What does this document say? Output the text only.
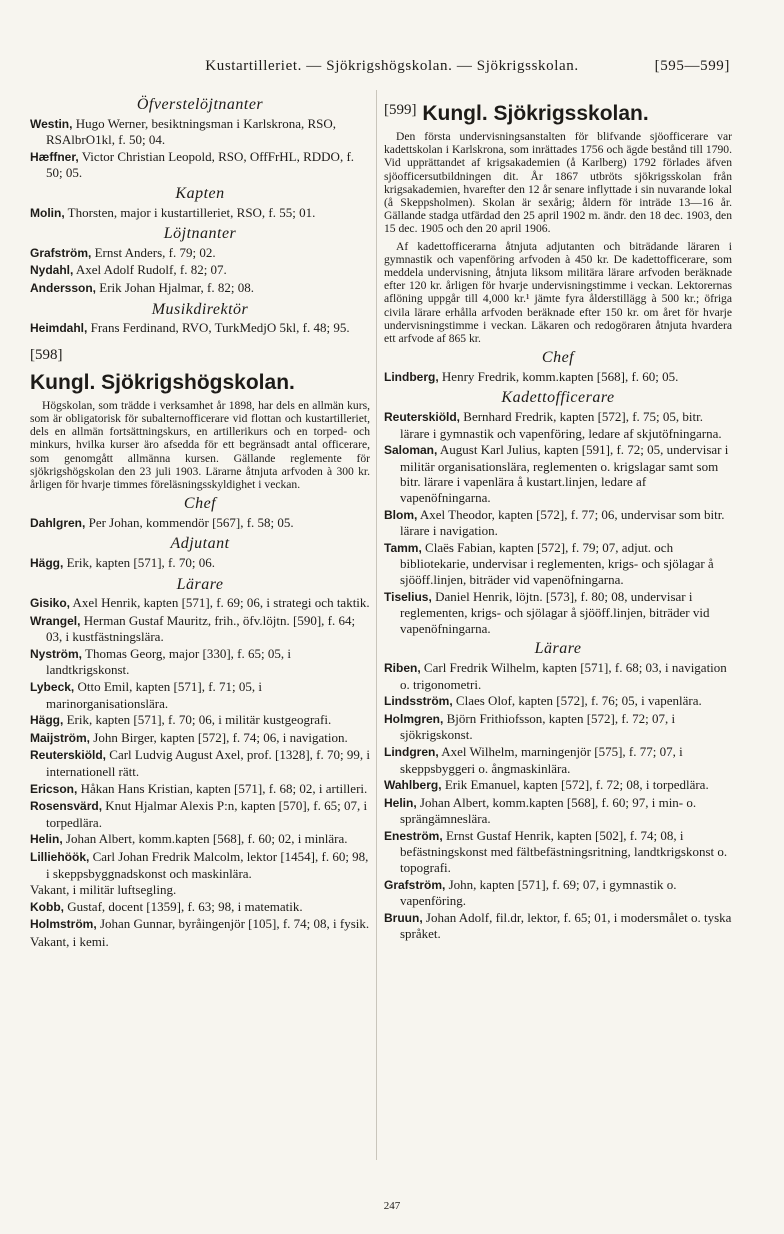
Kustartilleriet. — Sjökrigshögskolan. — Sjökrigsskolan.	[595—599]
Öfverstelöjtnanter
Westin, Hugo Werner, besiktningsman i Karlskrona, RSO, RSAlbrO1kl, f. 50; 04.
Hæffner, Victor Christian Leopold, RSO, OffFrHL, RDDO, f. 50; 05.
Kapten
Molin, Thorsten, major i kustartilleriet, RSO, f. 55; 01.
Löjtnanter
Grafström, Ernst Anders, f. 79; 02.
Nydahl, Axel Adolf Rudolf, f. 82; 07.
Andersson, Erik Johan Hjalmar, f. 82; 08.
Musikdirektör
Heimdahl, Frans Ferdinand, RVO, TurkMedjO 5kl, f. 48; 95.
[598]
Kungl. Sjökrigshögskolan.
Högskolan, som trädde i verksamhet år 1898, har dels en allmän kurs, som är obligatorisk för subalternofficerare vid flottan och kustartilleriet, dels en allmän fortsättningskurs, en artillerikurs och en torped- och minkurs, hvilka kurser äro afsedda för ett begränsadt antal officerare, som genomgått allmänna kursen. Gällande reglemente för sjökrigshögskolan den 23 juli 1903. Lärarne åtnjuta arfvoden à 300 kr. årligen för hvarje timmes föreläsningsskyldighet i veckan.
Chef
Dahlgren, Per Johan, kommendör [567], f. 58; 05.
Adjutant
Hägg, Erik, kapten [571], f. 70; 06.
Lärare
Gisiko, Axel Henrik, kapten [571], f. 69; 06, i strategi och taktik.
Wrangel, Herman Gustaf Mauritz, frih., öfv.löjtn. [590], f. 64; 03, i kustfästningslära.
Nyström, Thomas Georg, major [330], f. 65; 05, i landtkrigskonst.
Lybeck, Otto Emil, kapten [571], f. 71; 05, i marinorganisationslära.
Hägg, Erik, kapten [571], f. 70; 06, i militär kustgeografi.
Maijström, John Birger, kapten [572], f. 74; 06, i navigation.
Reuterskiöld, Carl Ludvig August Axel, prof. [1328], f. 70; 99, i internationell rätt.
Ericson, Håkan Hans Kristian, kapten [571], f. 68; 02, i artilleri.
Rosensvärd, Knut Hjalmar Alexis P:n, kapten [570], f. 65; 07, i torpedlära.
Helin, Johan Albert, komm.kapten [568], f. 60; 02, i minlära.
Lilliehöök, Carl Johan Fredrik Malcolm, lektor [1454], f. 60; 98, i skeppsbyggnadskonst och maskinlära.
Vakant, i militär luftsegling.
Kobb, Gustaf, docent [1359], f. 63; 98, i matematik.
Holmström, Johan Gunnar, byråingenjör [105], f. 74; 08, i fysik.
Vakant, i kemi.
[599] Kungl. Sjökrigsskolan.
Den första undervisningsanstalten för blifvande sjöofficerare var kadettskolan i Karlskrona, som inrättades 1756 och ägde bestånd till 1790. Vid upprättandet af krigsakademien (å Karlberg) 1792 förlades äfven sjöofficersutbildningen dit. År 1867 utbröts sjökrigsskolan från krigsakademien, hvarefter den 12 år senare inflyttade i sin nuvarande lokal (å Skeppsholmen). Skolan är sexårig; åldern för inträde 13—16 år. Gällande stadga utfärdad den 25 april 1902 m. ändr. den 18 dec. 1903, den 15 dec. 1905 och den 20 april 1906.
Af kadettofficerarna åtnjuta adjutanten och biträdande läraren i gymnastik och vapenföring arfvoden à 450 kr. De kadettofficerare, som meddela undervisning, åtnjuta liksom militära lärare arfvoden beräknade efter 120 kr. årligen för hvarje undervisningstimme i veckan. Lektorernas aflöning uppgår till 4,000 kr.¹ jämte fyra ålderstillägg à 500 kr.; öfriga civila lärare erhålla arfvoden beräknade efter 150 kr. om året för hvarje undervisningstimme i veckan. Läkaren och redogöraren åtnjuta hvardera ett arfvode af 865 kr.
Chef
Lindberg, Henry Fredrik, komm.kapten [568], f. 60; 05.
Kadettofficerare
Reuterskiöld, Bernhard Fredrik, kapten [572], f. 75; 05, bitr. lärare i gymnastik och vapenföring, ledare af skjutöfningarna.
Saloman, August Karl Julius, kapten [591], f. 72; 05, undervisar i militär organisationslära, reglementen o. krigslagar samt som bitr. lärare i vapenlära å kustart.linjen, ledare af vapenöfningarna.
Blom, Axel Theodor, kapten [572], f. 77; 06, undervisar som bitr. lärare i navigation.
Tamm, Claës Fabian, kapten [572], f. 79; 07, adjut. och bibliotekarie, undervisar i reglementen, krigs- och sjölagar å sjööff.linjen, biträder vid vapenöfningarna.
Tiselius, Daniel Henrik, löjtn. [573], f. 80; 08, undervisar i reglementen, krigs- och sjölagar å sjööff.linjen, biträder vid vapenöfningarna.
Lärare
Riben, Carl Fredrik Wilhelm, kapten [571], f. 68; 03, i navigation o. trigonometri.
Lindsström, Claes Olof, kapten [572], f. 76; 05, i vapenlära.
Holmgren, Björn Frithiofsson, kapten [572], f. 72; 07, i sjökrigskonst.
Lindgren, Axel Wilhelm, marningenjör [575], f. 77; 07, i skeppsbyggeri o. ångmaskinlära.
Wahlberg, Erik Emanuel, kapten [572], f. 72; 08, i torpedlära.
Helin, Johan Albert, komm.kapten [568], f. 60; 97, i min- o. sprängämneslära.
Eneström, Ernst Gustaf Henrik, kapten [502], f. 74; 08, i befästningskonst med fältbefästningsritning, landtkrigskonst o. topografi.
Grafström, John, kapten [571], f. 69; 07, i gymnastik o. vapenföring.
Bruun, Johan Adolf, fil.dr, lektor, f. 65; 01, i modersmålet o. tyska språket.
247
